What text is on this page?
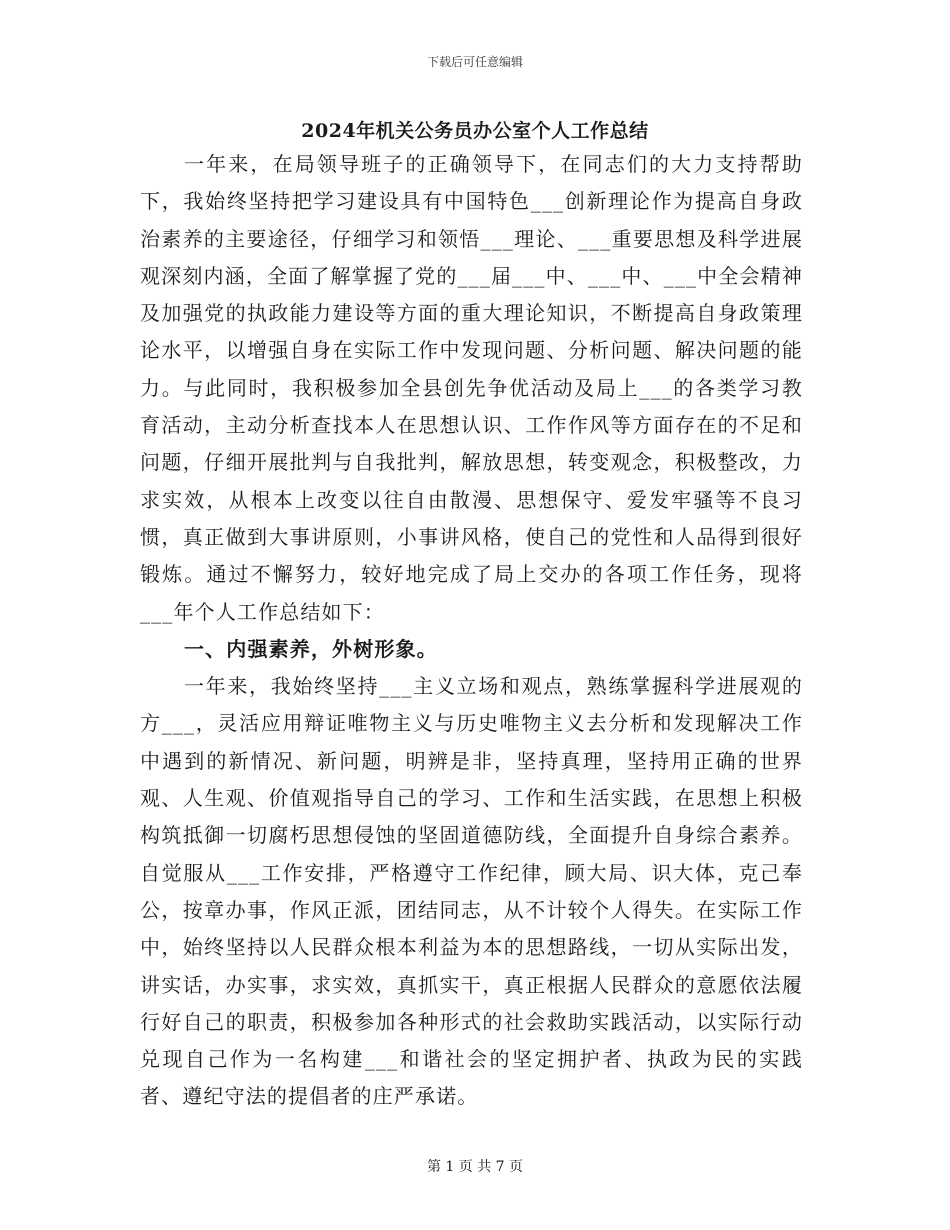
下载后可任意编辑
2024年机关公务员办公室个人工作总结

一年来，在局领导班子的正确领导下，在同志们的大力支持帮助下，我始终坚持把学习建设具有中国特色___创新理论作为提高自身政治素养的主要途径，仔细学习和领悟___理论、___重要思想及科学进展观深刻内涵，全面了解掌握了党的___届___中、___中、___中全会精神及加强党的执政能力建设等方面的重大理论知识，不断提高自身政策理论水平，以增强自身在实际工作中发现问题、分析问题、解决问题的能力。与此同时，我积极参加全县创先争优活动及局上___的各类学习教育活动，主动分析查找本人在思想认识、工作作风等方面存在的不足和问题，仔细开展批判与自我批判，解放思想，转变观念，积极整改，力求实效，从根本上改变以往自由散漫、思想保守、爱发牢骚等不良习惯，真正做到大事讲原则，小事讲风格，使自己的党性和人品得到很好锻炼。通过不懈努力，较好地完成了局上交办的各项工作任务，现将___年个人工作总结如下：

一、内强素养，外树形象。

一年来，我始终坚持___主义立场和观点，熟练掌握科学进展观的方___，灵活应用辩证唯物主义与历史唯物主义去分析和发现解决工作中遇到的新情况、新问题，明辨是非，坚持真理，坚持用正确的世界观、人生观、价值观指导自己的学习、工作和生活实践，在思想上积极构筑抵御一切腐朽思想侵蚀的坚固道德防线，全面提升自身综合素养。自觉服从___工作安排，严格遵守工作纪律，顾大局、识大体，克己奉公，按章办事，作风正派，团结同志，从不计较个人得失。在实际工作中，始终坚持以人民群众根本利益为本的思想路线，一切从实际出发，讲实话，办实事，求实效，真抓实干，真正根据人民群众的意愿依法履行好自己的职责，积极参加各种形式的社会救助实践活动，以实际行动兑现自己作为一名构建___和谐社会的坚定拥护者、执政为民的实践者、遵纪守法的提倡者的庄严承诺。

第 1 页 共 7 页
